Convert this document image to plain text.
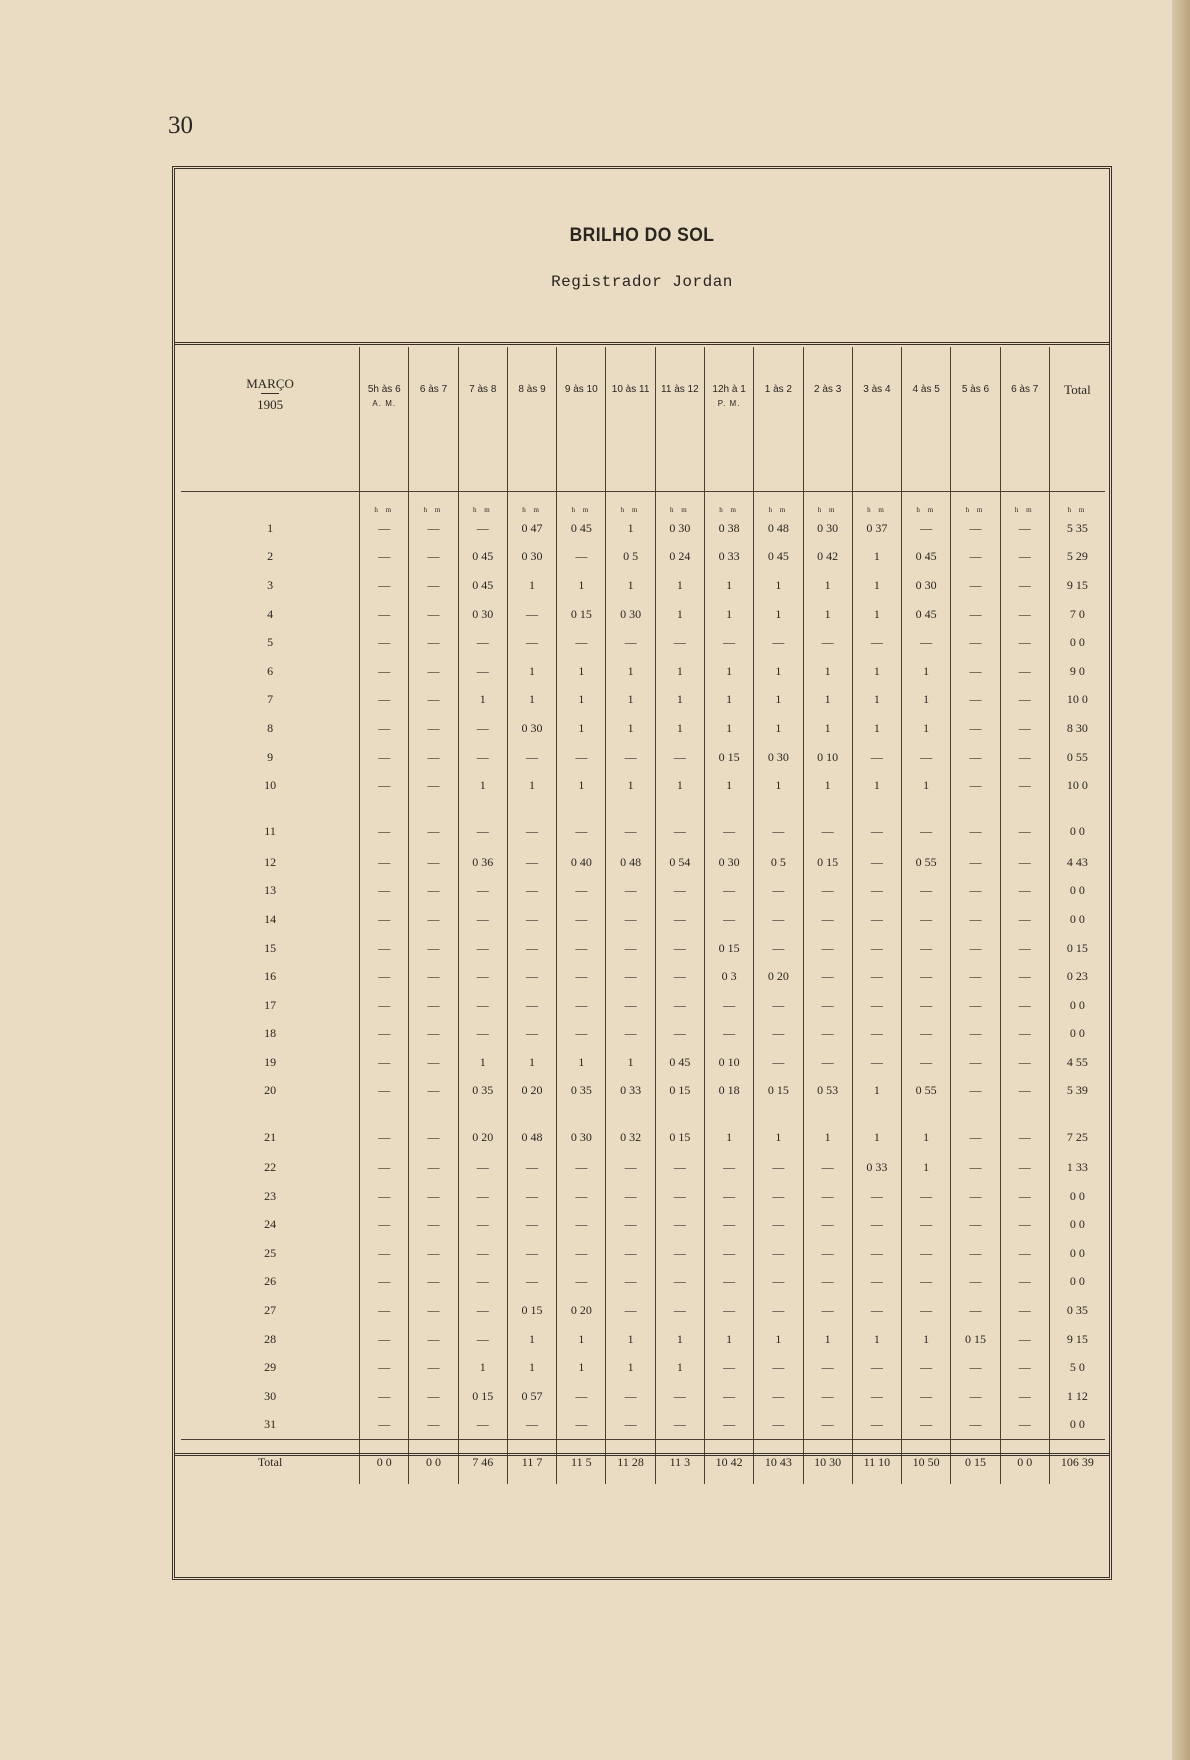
30
BRILHO DO SOL
Registrador Jordan
MARÇO
1905	5h às 6
A. M.	6 às 7	7 às 8	8 às 9	9 às 10	10 às 11	11 às 12	12h à 1
P. M.	1 às 2	2 às 3	3 às 4	4 às 5	5 às 6	6 às 7	Total
	h m	h m	h m	h m	h m	h m	h m	h m	h m	h m	h m	h m	h m	h m	h m
1	—	—	—	0 47	0 45	1	0 30	0 38	0 48	0 30	0 37	—	—	—	5 35
2	—	—	0 45	0 30	—	0 5	0 24	0 33	0 45	0 42	1	0 45	—	—	5 29
3	—	—	0 45	1	1	1	1	1	1	1	1	0 30	—	—	9 15
4	—	—	0 30	—	0 15	0 30	1	1	1	1	1	0 45	—	—	7 0
5	—	—	—	—	—	—	—	—	—	—	—	—	—	—	0 0
6	—	—	—	1	1	1	1	1	1	1	1	1	—	—	9 0
7	—	—	1	1	1	1	1	1	1	1	1	1	—	—	10 0
8	—	—	—	0 30	1	1	1	1	1	1	1	1	—	—	8 30
9	—	—	—	—	—	—	—	0 15	0 30	0 10	—	—	—	—	0 55
10	—	—	1	1	1	1	1	1	1	1	1	1	—	—	10 0

11	—	—	—	—	—	—	—	—	—	—	—	—	—	—	0 0
12	—	—	0 36	—	0 40	0 48	0 54	0 30	0 5	0 15	—	0 55	—	—	4 43
13	—	—	—	—	—	—	—	—	—	—	—	—	—	—	0 0
14	—	—	—	—	—	—	—	—	—	—	—	—	—	—	0 0
15	—	—	—	—	—	—	—	0 15	—	—	—	—	—	—	0 15
16	—	—	—	—	—	—	—	0 3	0 20	—	—	—	—	—	0 23
17	—	—	—	—	—	—	—	—	—	—	—	—	—	—	0 0
18	—	—	—	—	—	—	—	—	—	—	—	—	—	—	0 0
19	—	—	1	1	1	1	0 45	0 10	—	—	—	—	—	—	4 55
20	—	—	0 35	0 20	0 35	0 33	0 15	0 18	0 15	0 53	1	0 55	—	—	5 39

21	—	—	0 20	0 48	0 30	0 32	0 15	1	1	1	1	1	—	—	7 25
22	—	—	—	—	—	—	—	—	—	—	0 33	1	—	—	1 33
23	—	—	—	—	—	—	—	—	—	—	—	—	—	—	0 0
24	—	—	—	—	—	—	—	—	—	—	—	—	—	—	0 0
25	—	—	—	—	—	—	—	—	—	—	—	—	—	—	0 0
26	—	—	—	—	—	—	—	—	—	—	—	—	—	—	0 0
27	—	—	—	0 15	0 20	—	—	—	—	—	—	—	—	—	0 35
28	—	—	—	1	1	1	1	1	1	1	1	1	0 15	—	9 15
29	—	—	1	1	1	1	1	—	—	—	—	—	—	—	5 0
30	—	—	0 15	0 57	—	—	—	—	—	—	—	—	—	—	1 12
31	—	—	—	—	—	—	—	—	—	—	—	—	—	—	0 0
Total	0 0	0 0	7 46	11 7	11 5	11 28	11 3	10 42	10 43	10 30	11 10	10 50	0 15	0 0	106 39
